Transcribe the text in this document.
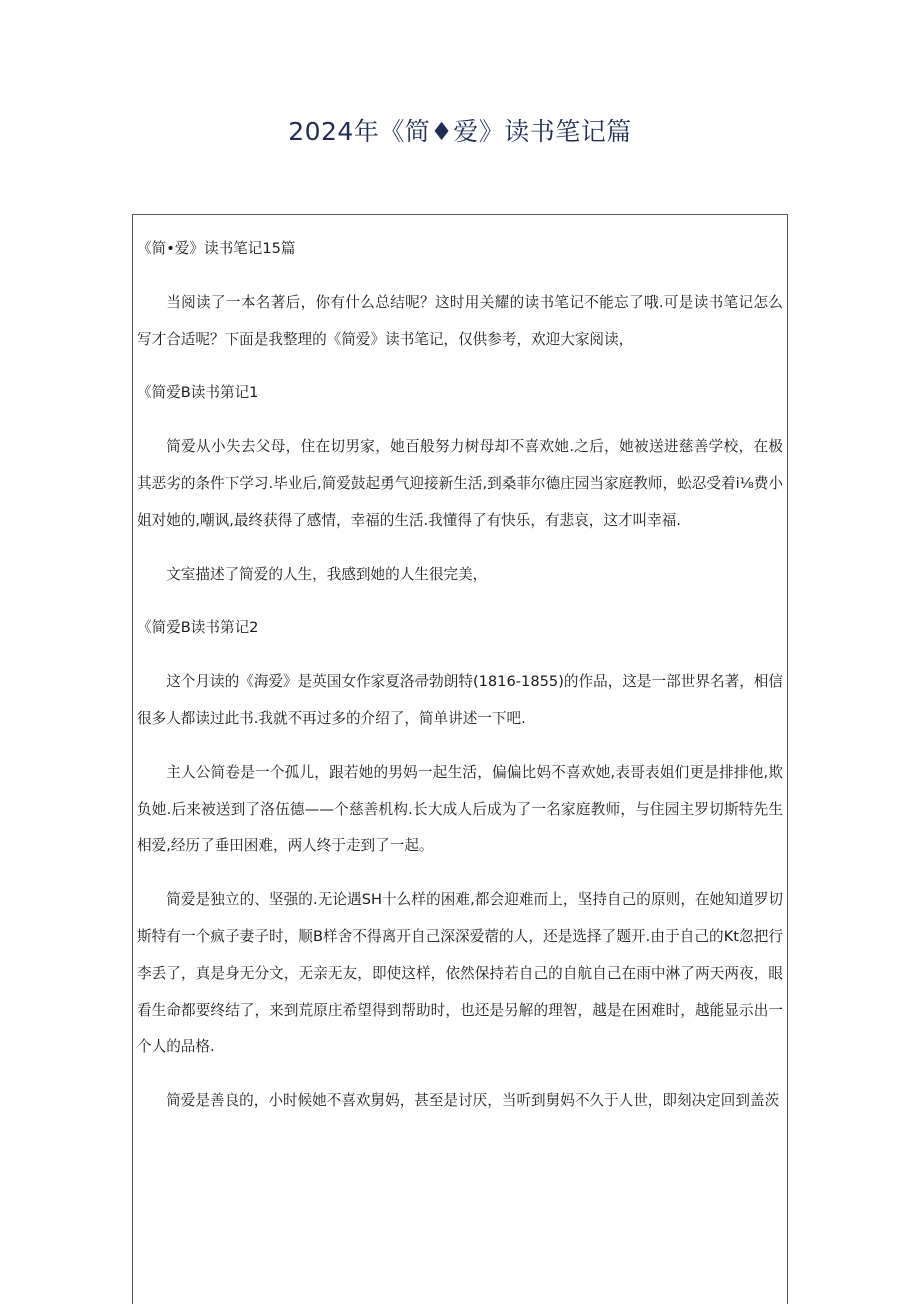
2024年《简♦爱》读书笔记篇

《简•爱》读书笔记15篇

当阅读了一本名著后，你有什么总结呢？这时用关耀的读书笔记不能忘了哦.可是读书笔记怎么写才合适呢？下面是我整理的《简爱》读书笔记，仅供参考，欢迎大家阅读，

《简爱B读书第记1

简爱从小失去父母，住在切男家，她百般努力树母却不喜欢她.之后，她被送进慈善学校，在极其恶劣的条件下学习.毕业后,简爱鼓起勇气迎接新生活,到桑菲尔德庄园当家庭教师，蚣忍受着i⅛费小姐对她的,嘲讽,最终获得了感情，幸福的生活.我懂得了有快乐，有悲哀，这才叫幸福.

文室描述了简爱的人生，我感到她的人生很完美，

《简爱B读书第记2

这个月读的《海爱》是英国女作家夏洛帚勃朗特(1816-1855)的作品，这是一部世界名著，相信很多人都读过此书.我就不再过多的介绍了，简单讲述一下吧.

主人公简卷是一个孤儿，跟若她的男妈一起生活，偏偏比妈不喜欢她,表哥表姐们更是排排他,欺负她.后来被送到了洛伍德——个慈善机构.长大成人后成为了一名家庭教师，与住园主罗切斯特先生相爱,经历了垂田困难，两人终于走到了一起。

简爱是独立的、坚强的.无论遇SH十么样的困难,都会迎难而上，坚持自己的原则，在她知道罗切斯特有一个疯子妻子时，顺B样舍不得离开自己深深爱蓿的人，还是选择了题开.由于自己的Kt忽把行李丢了，真是身无分文，无亲无友，即使这样，依然保持若自己的自航自己在雨中淋了两天两夜，眼看生命都要终结了，来到荒原庄希望得到帮助时，也还是另解的理智，越是在困难时，越能显示出一个人的品格.

简爱是善良的，小时候她不喜欢舅妈，甚至是讨厌，当听到舅妈不久于人世，即刻决定回到盖茨
